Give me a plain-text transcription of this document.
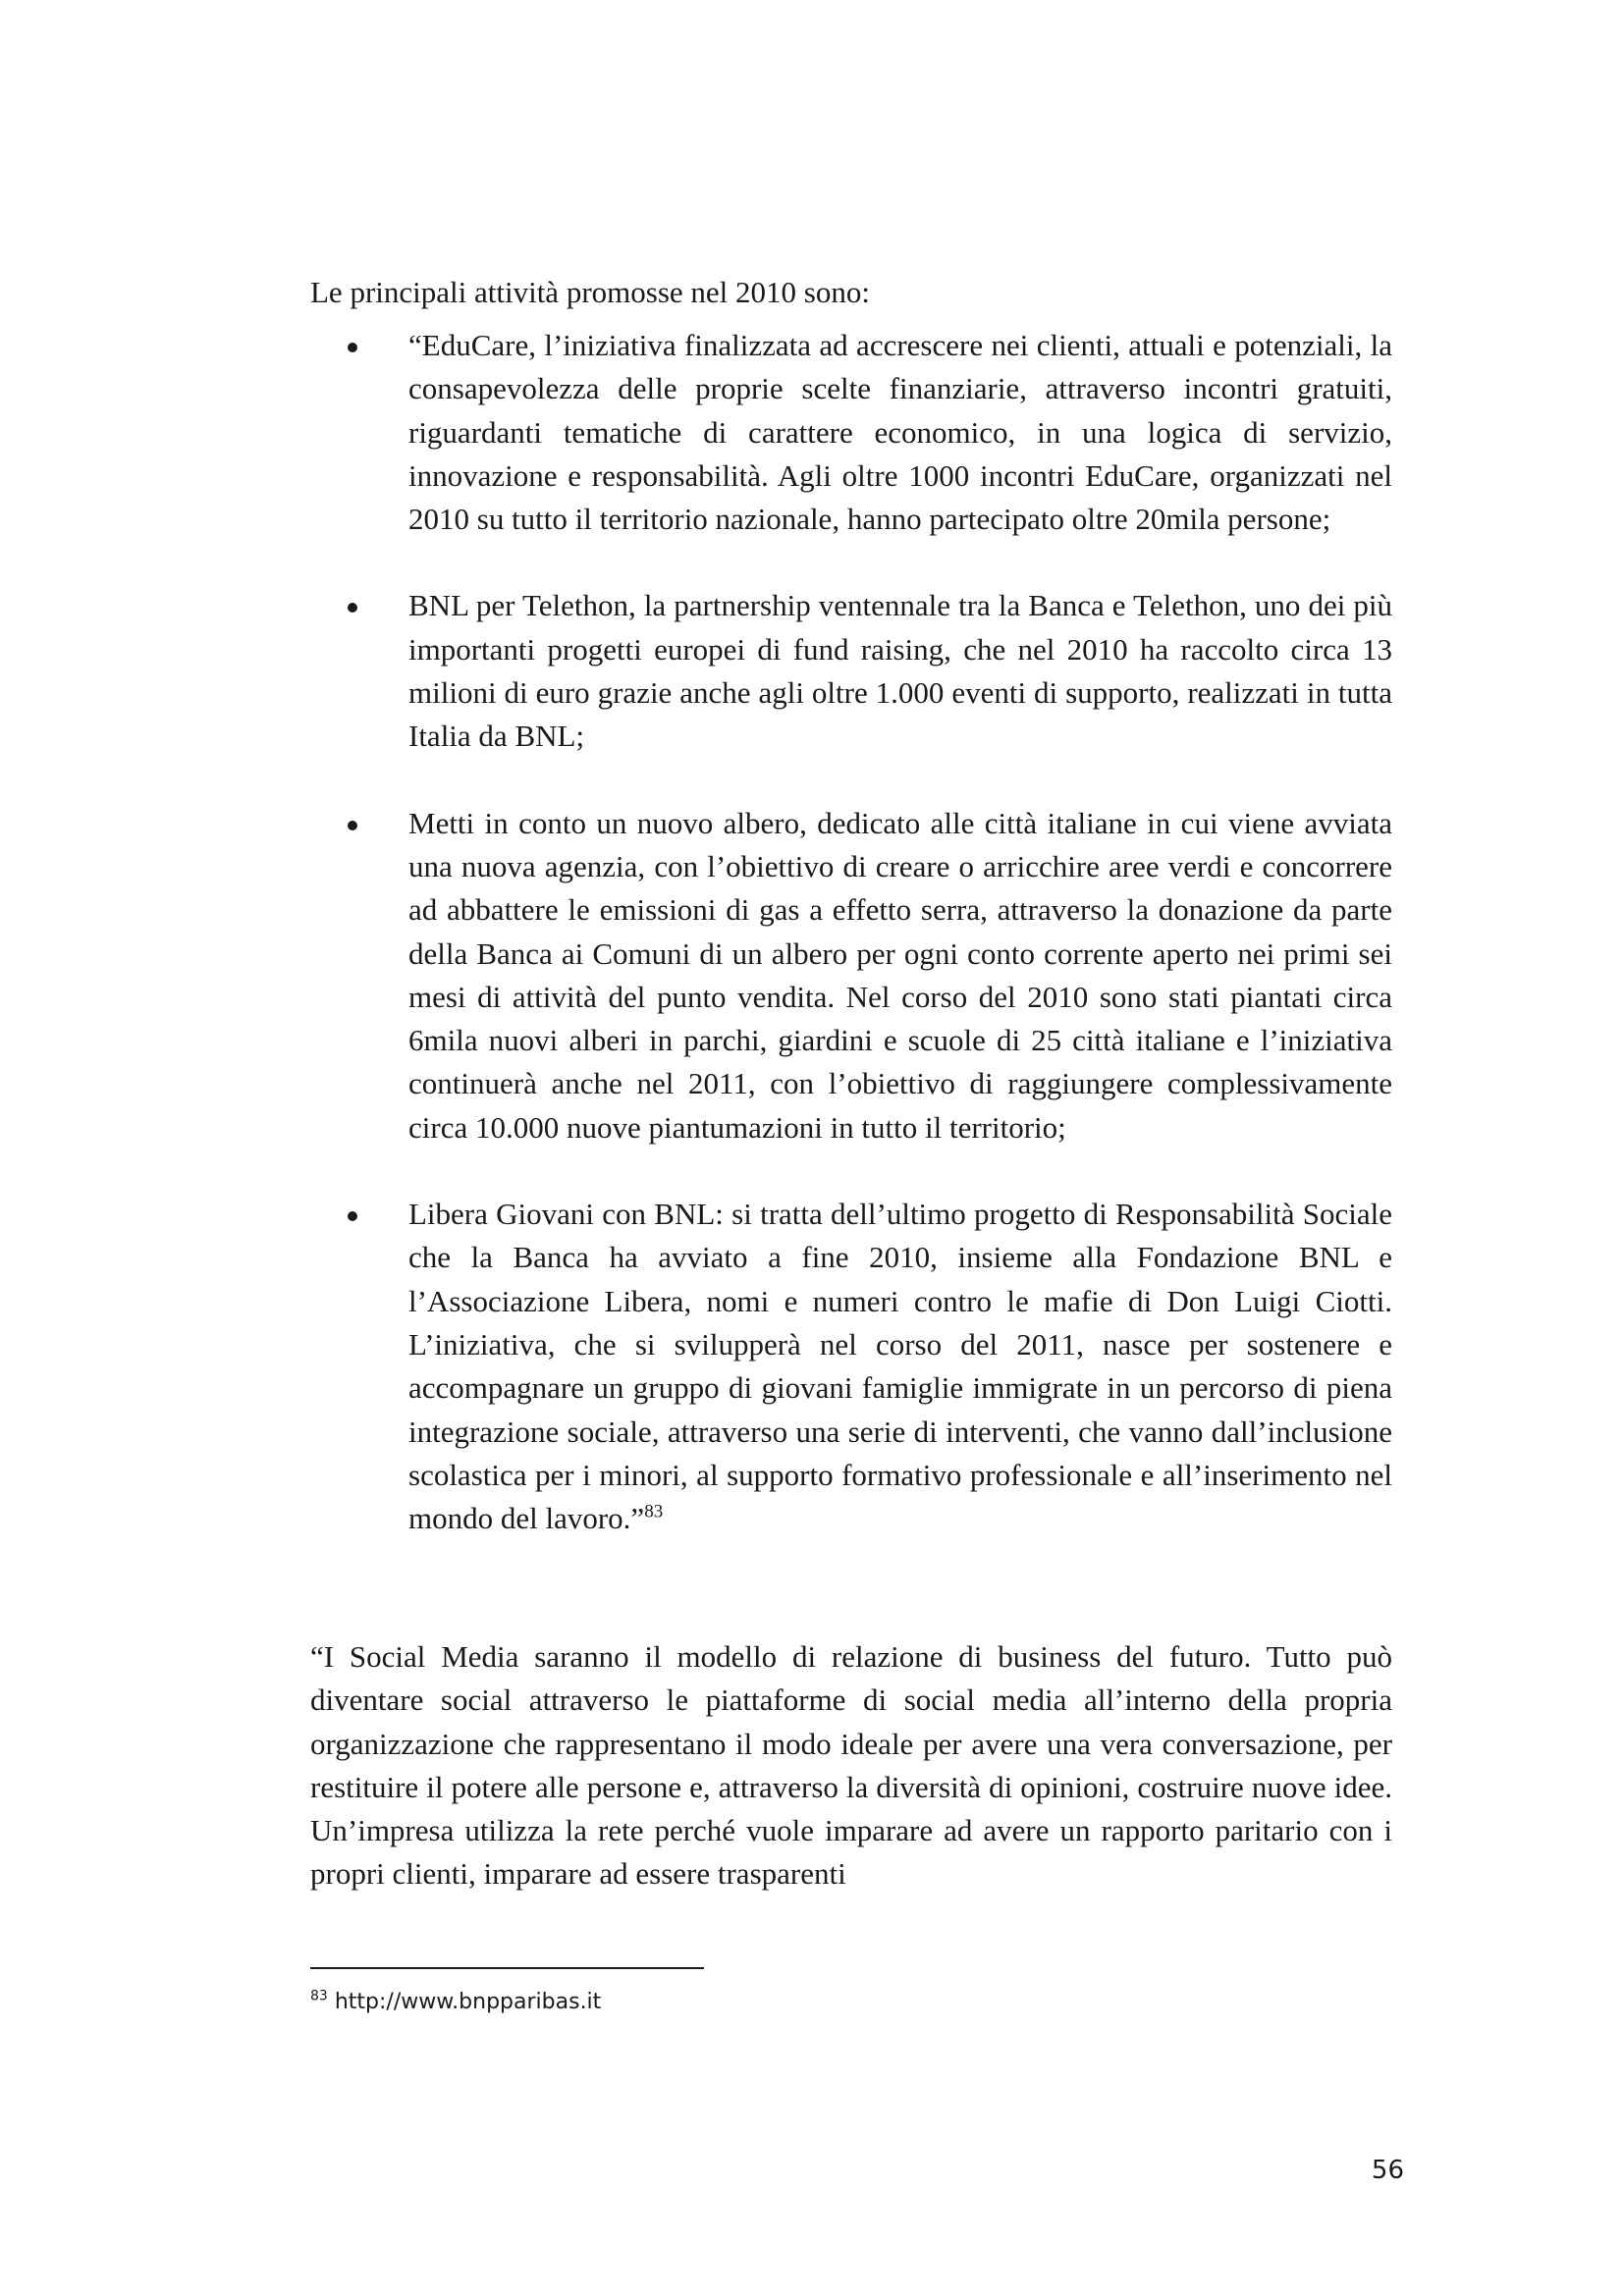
Le principali attività promosse nel 2010 sono:

“EduCare, l’iniziativa finalizzata ad accrescere nei clienti, attuali e potenziali, la consapevolezza delle proprie scelte finanziarie, attraverso incontri gratuiti, riguardanti tematiche di carattere economico, in una logica di servizio, innovazione e responsabilità. Agli oltre 1000 incontri EduCare, organizzati nel 2010 su tutto il territorio nazionale, hanno partecipato oltre 20mila persone;
BNL per Telethon, la partnership ventennale tra la Banca e Telethon, uno dei più importanti progetti europei di fund raising, che nel 2010 ha raccolto circa 13 milioni di euro grazie anche agli oltre 1.000 eventi di supporto, realizzati in tutta Italia da BNL;
Metti in conto un nuovo albero, dedicato alle città italiane in cui viene avviata una nuova agenzia, con l’obiettivo di creare o arricchire aree verdi e concorrere ad abbattere le emissioni di gas a effetto serra, attraverso la donazione da parte della Banca ai Comuni di un albero per ogni conto corrente aperto nei primi sei mesi di attività del punto vendita. Nel corso del 2010 sono stati piantati circa 6mila nuovi alberi in parchi, giardini e scuole di 25 città italiane e l’iniziativa continuerà anche nel 2011, con l’obiettivo di raggiungere complessivamente circa 10.000 nuove piantumazioni in tutto il territorio;
Libera Giovani con BNL: si tratta dell’ultimo progetto di Responsabilità Sociale che la Banca ha avviato a fine 2010, insieme alla Fondazione BNL e l’Associazione Libera, nomi e numeri contro le mafie di Don Luigi Ciotti. L’iniziativa, che si svilupperà nel corso del 2011, nasce per sostenere e accompagnare un gruppo di giovani famiglie immigrate in un percorso di piena integrazione sociale, attraverso una serie di interventi, che vanno dall’inclusione scolastica per i minori, al supporto formativo professionale e all’inserimento nel mondo del lavoro.”$^{83}$

“I Social Media saranno il modello di relazione di business del futuro. Tutto può diventare social attraverso le piattaforme di social media all’interno della propria organizzazione che rappresentano il modo ideale per avere una vera conversazione, per restituire il potere alle persone e, attraverso la diversità di opinioni, costruire nuove idee. Un’impresa utilizza la rete perché vuole imparare ad avere un rapporto paritario con i propri clienti, imparare ad essere trasparenti

$^{83}$ http://www.bnpparibas.it

56
